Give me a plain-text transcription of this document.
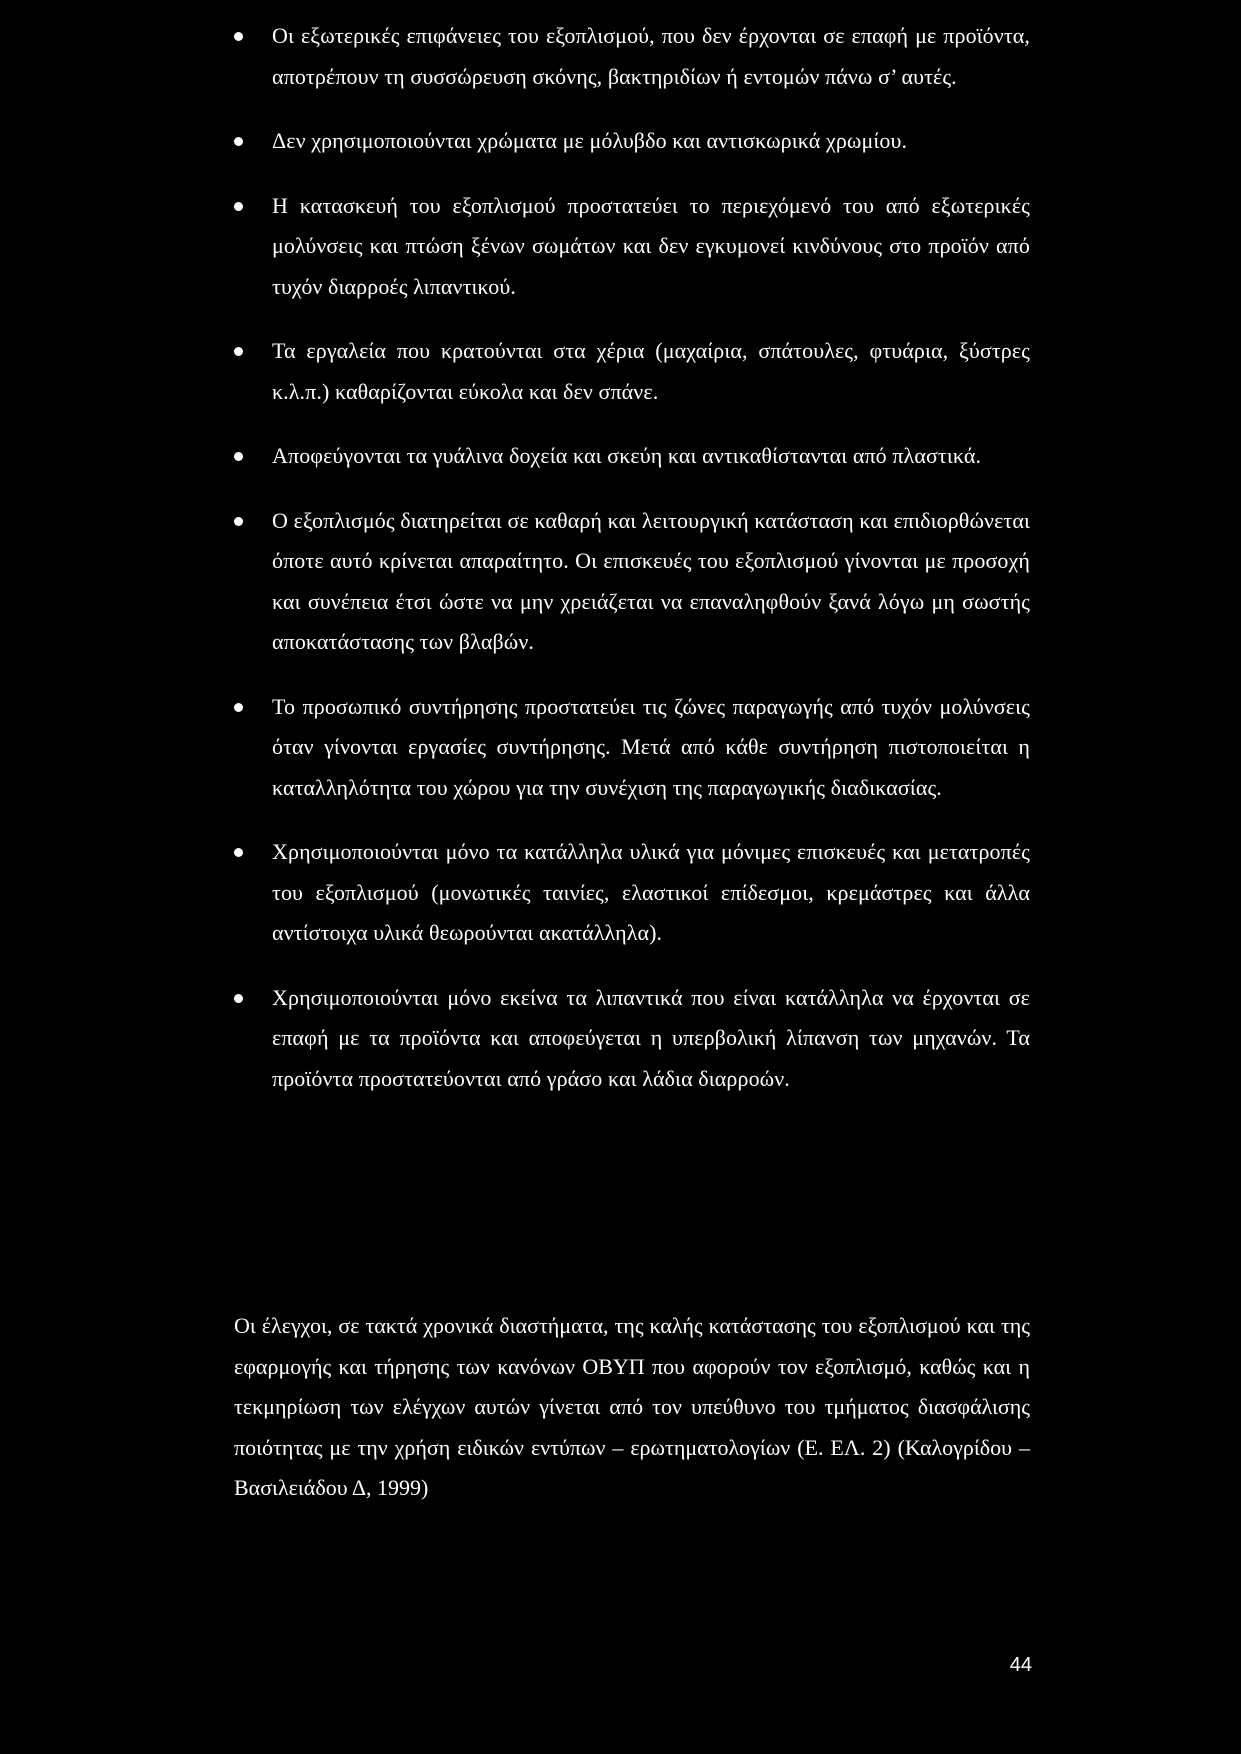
Οι εξωτερικές επιφάνειες του εξοπλισμού, που δεν έρχονται σε επαφή με προϊόντα, αποτρέπουν τη συσσώρευση σκόνης, βακτηριδίων ή εντομών πάνω σ’ αυτές.
Δεν χρησιμοποιούνται χρώματα με μόλυβδο και αντισκωρικά χρωμίου.
Η κατασκευή του εξοπλισμού προστατεύει το περιεχόμενό του από εξωτερικές μολύνσεις και πτώση ξένων σωμάτων και δεν εγκυμονεί κινδύνους στο προϊόν από τυχόν διαρροές λιπαντικού.
Τα εργαλεία που κρατούνται στα χέρια (μαχαίρια, σπάτουλες, φτυάρια, ξύστρες κ.λ.π.) καθαρίζονται εύκολα και δεν σπάνε.
Αποφεύγονται τα γυάλινα δοχεία και σκεύη και αντικαθίστανται από πλαστικά.
Ο εξοπλισμός διατηρείται σε καθαρή και λειτουργική κατάσταση και επιδιορθώνεται όποτε αυτό κρίνεται απαραίτητο. Οι επισκευές του εξοπλισμού γίνονται με προσοχή και συνέπεια έτσι ώστε να μην χρειάζεται να επαναληφθούν ξανά λόγω μη σωστής αποκατάστασης των βλαβών.
Το προσωπικό συντήρησης προστατεύει τις ζώνες παραγωγής από τυχόν μολύνσεις όταν γίνονται εργασίες συντήρησης. Μετά από κάθε συντήρηση πιστοποιείται η καταλληλότητα του χώρου για την συνέχιση της παραγωγικής διαδικασίας.
Χρησιμοποιούνται μόνο τα κατάλληλα υλικά για μόνιμες επισκευές και μετατροπές του εξοπλισμού (μονωτικές ταινίες, ελαστικοί επίδεσμοι, κρεμάστρες και άλλα αντίστοιχα υλικά θεωρούνται ακατάλληλα).
Χρησιμοποιούνται μόνο εκείνα τα λιπαντικά που είναι κατάλληλα να έρχονται σε επαφή με τα προϊόντα και αποφεύγεται η υπερβολική λίπανση των μηχανών. Τα προϊόντα προστατεύονται από γράσο και λάδια διαρροών.

Οι έλεγχοι, σε τακτά χρονικά διαστήματα, της καλής κατάστασης του εξοπλισμού και της εφαρμογής και τήρησης των κανόνων ΟΒΥΠ που αφορούν τον εξοπλισμό, καθώς και η τεκμηρίωση των ελέγχων αυτών γίνεται από τον υπεύθυνο του τμήματος διασφάλισης ποιότητας με την χρήση ειδικών εντύπων – ερωτηματολογίων (Ε. ΕΛ. 2) (Καλογρίδου – Βασιλειάδου Δ, 1999)

44
